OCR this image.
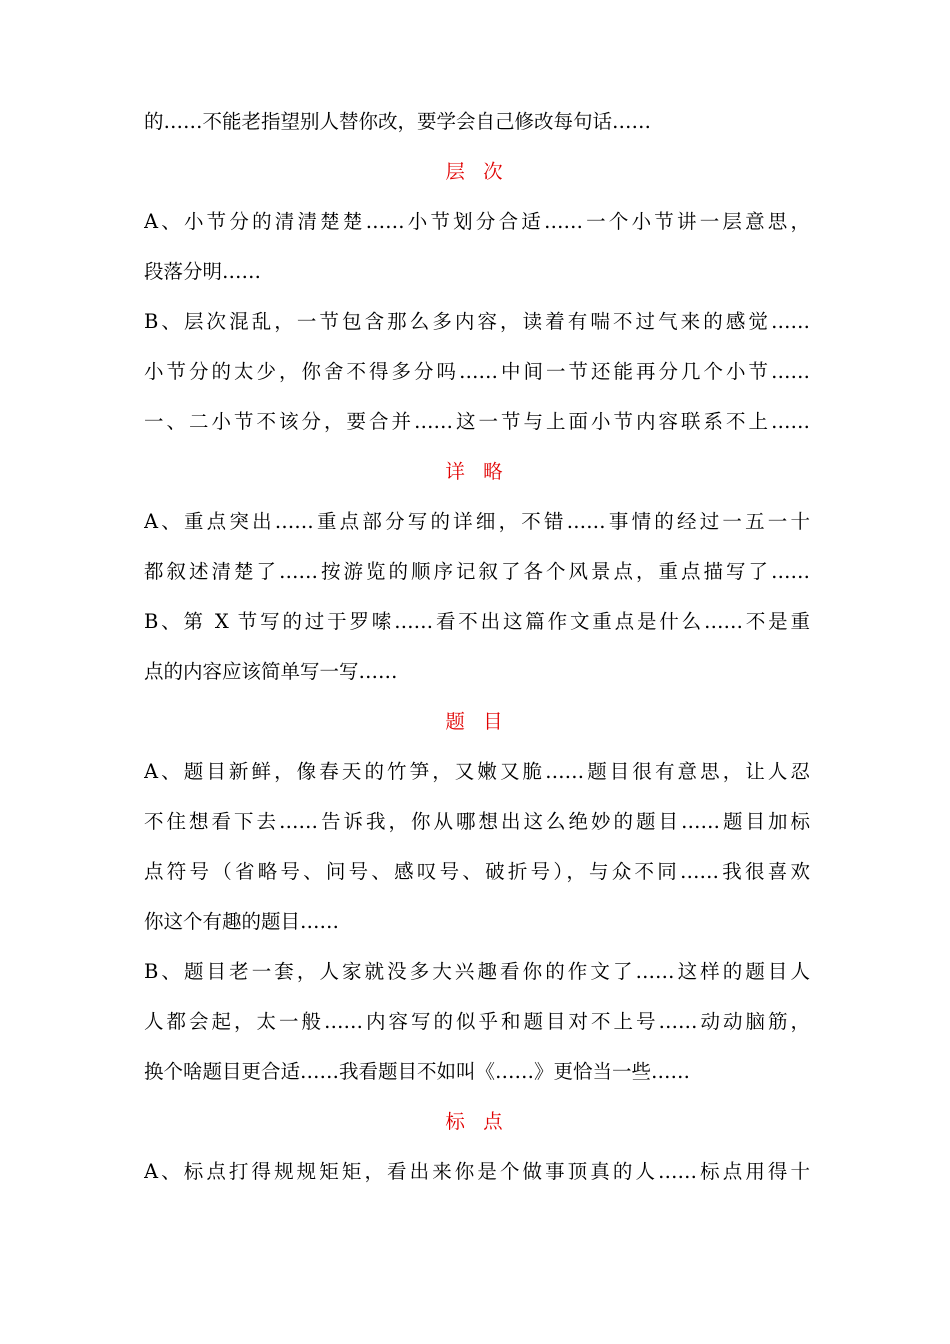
的……不能老指望别人替你改，要学会自己修改每句话……
层 次
A、小节分的清清楚楚……小节划分合适……一个小节讲一层意思，
段落分明……
B、层次混乱，一节包含那么多内容，读着有喘不过气来的感觉……
小节分的太少，你舍不得多分吗……中间一节还能再分几个小节……
一、二小节不该分，要合并……这一节与上面小节内容联系不上……
详 略
A、重点突出……重点部分写的详细，不错……事情的经过一五一十
都叙述清楚了……按游览的顺序记叙了各个风景点，重点描写了……
B、第 X 节写的过于罗嗦……看不出这篇作文重点是什么……不是重
点的内容应该简单写一写……
题 目
A、题目新鲜，像春天的竹笋，又嫩又脆……题目很有意思，让人忍
不住想看下去……告诉我，你从哪想出这么绝妙的题目……题目加标
点符号（省略号、问号、感叹号、破折号），与众不同……我很喜欢
你这个有趣的题目……
B、题目老一套，人家就没多大兴趣看你的作文了……这样的题目人
人都会起，太一般……内容写的似乎和题目对不上号……动动脑筋，
换个啥题目更合适……我看题目不如叫《……》更恰当一些……
标 点
A、标点打得规规矩矩，看出来你是个做事顶真的人……标点用得十
